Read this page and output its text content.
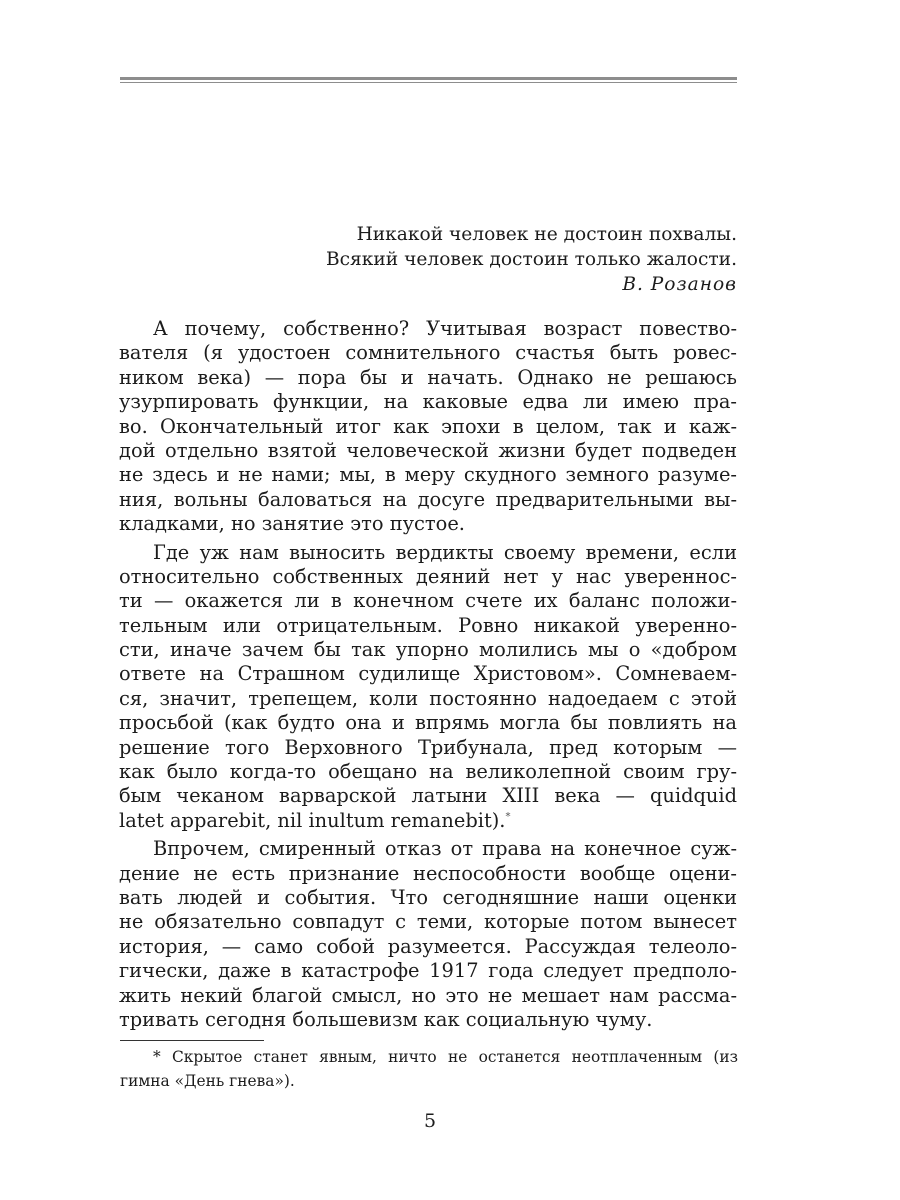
Никакой человек не достоин похвалы.
Всякий человек достоин только жалости.
В. Розанов
А почему, собственно? Учитывая возраст повество-
вателя (я удостоен сомнительного счастья быть ровес-
ником века) — пора бы и начать. Однако не решаюсь
узурпировать функции, на каковые едва ли имею пра-
во. Окончательный итог как эпохи в целом, так и каж-
дой отдельно взятой человеческой жизни будет подведен
не здесь и не нами; мы, в меру скудного земного разуме-
ния, вольны баловаться на досуге предварительными вы-
кладками, но занятие это пустое.
Где уж нам выносить вердикты своему времени, если
относительно собственных деяний нет у нас увереннос-
ти — окажется ли в конечном счете их баланс положи-
тельным или отрицательным. Ровно никакой уверенно-
сти, иначе зачем бы так упорно молились мы о «добром
ответе на Страшном судилище Христовом». Сомневаем-
ся, значит, трепещем, коли постоянно надоедаем с этой
просьбой (как будто она и впрямь могла бы повлиять на
решение того Верховного Трибунала, пред которым —
как было когда-то обещано на великолепной своим гру-
бым чеканом варварской латыни XIII века — quidquid
latet apparebit, nil inultum remanebit).*
Впрочем, смиренный отказ от права на конечное суж-
дение не есть признание неспособности вообще оцени-
вать людей и события. Что сегодняшние наши оценки
не обязательно совпадут с теми, которые потом вынесет
история, — само собой разумеется. Рассуждая телеоло-
гически, даже в катастрофе 1917 года следует предполо-
жить некий благой смысл, но это не мешает нам рассма-
тривать сегодня большевизм как социальную чуму.
* Скрытое станет явным, ничто не останется неотплаченным (из
гимна «День гнева»).
5
